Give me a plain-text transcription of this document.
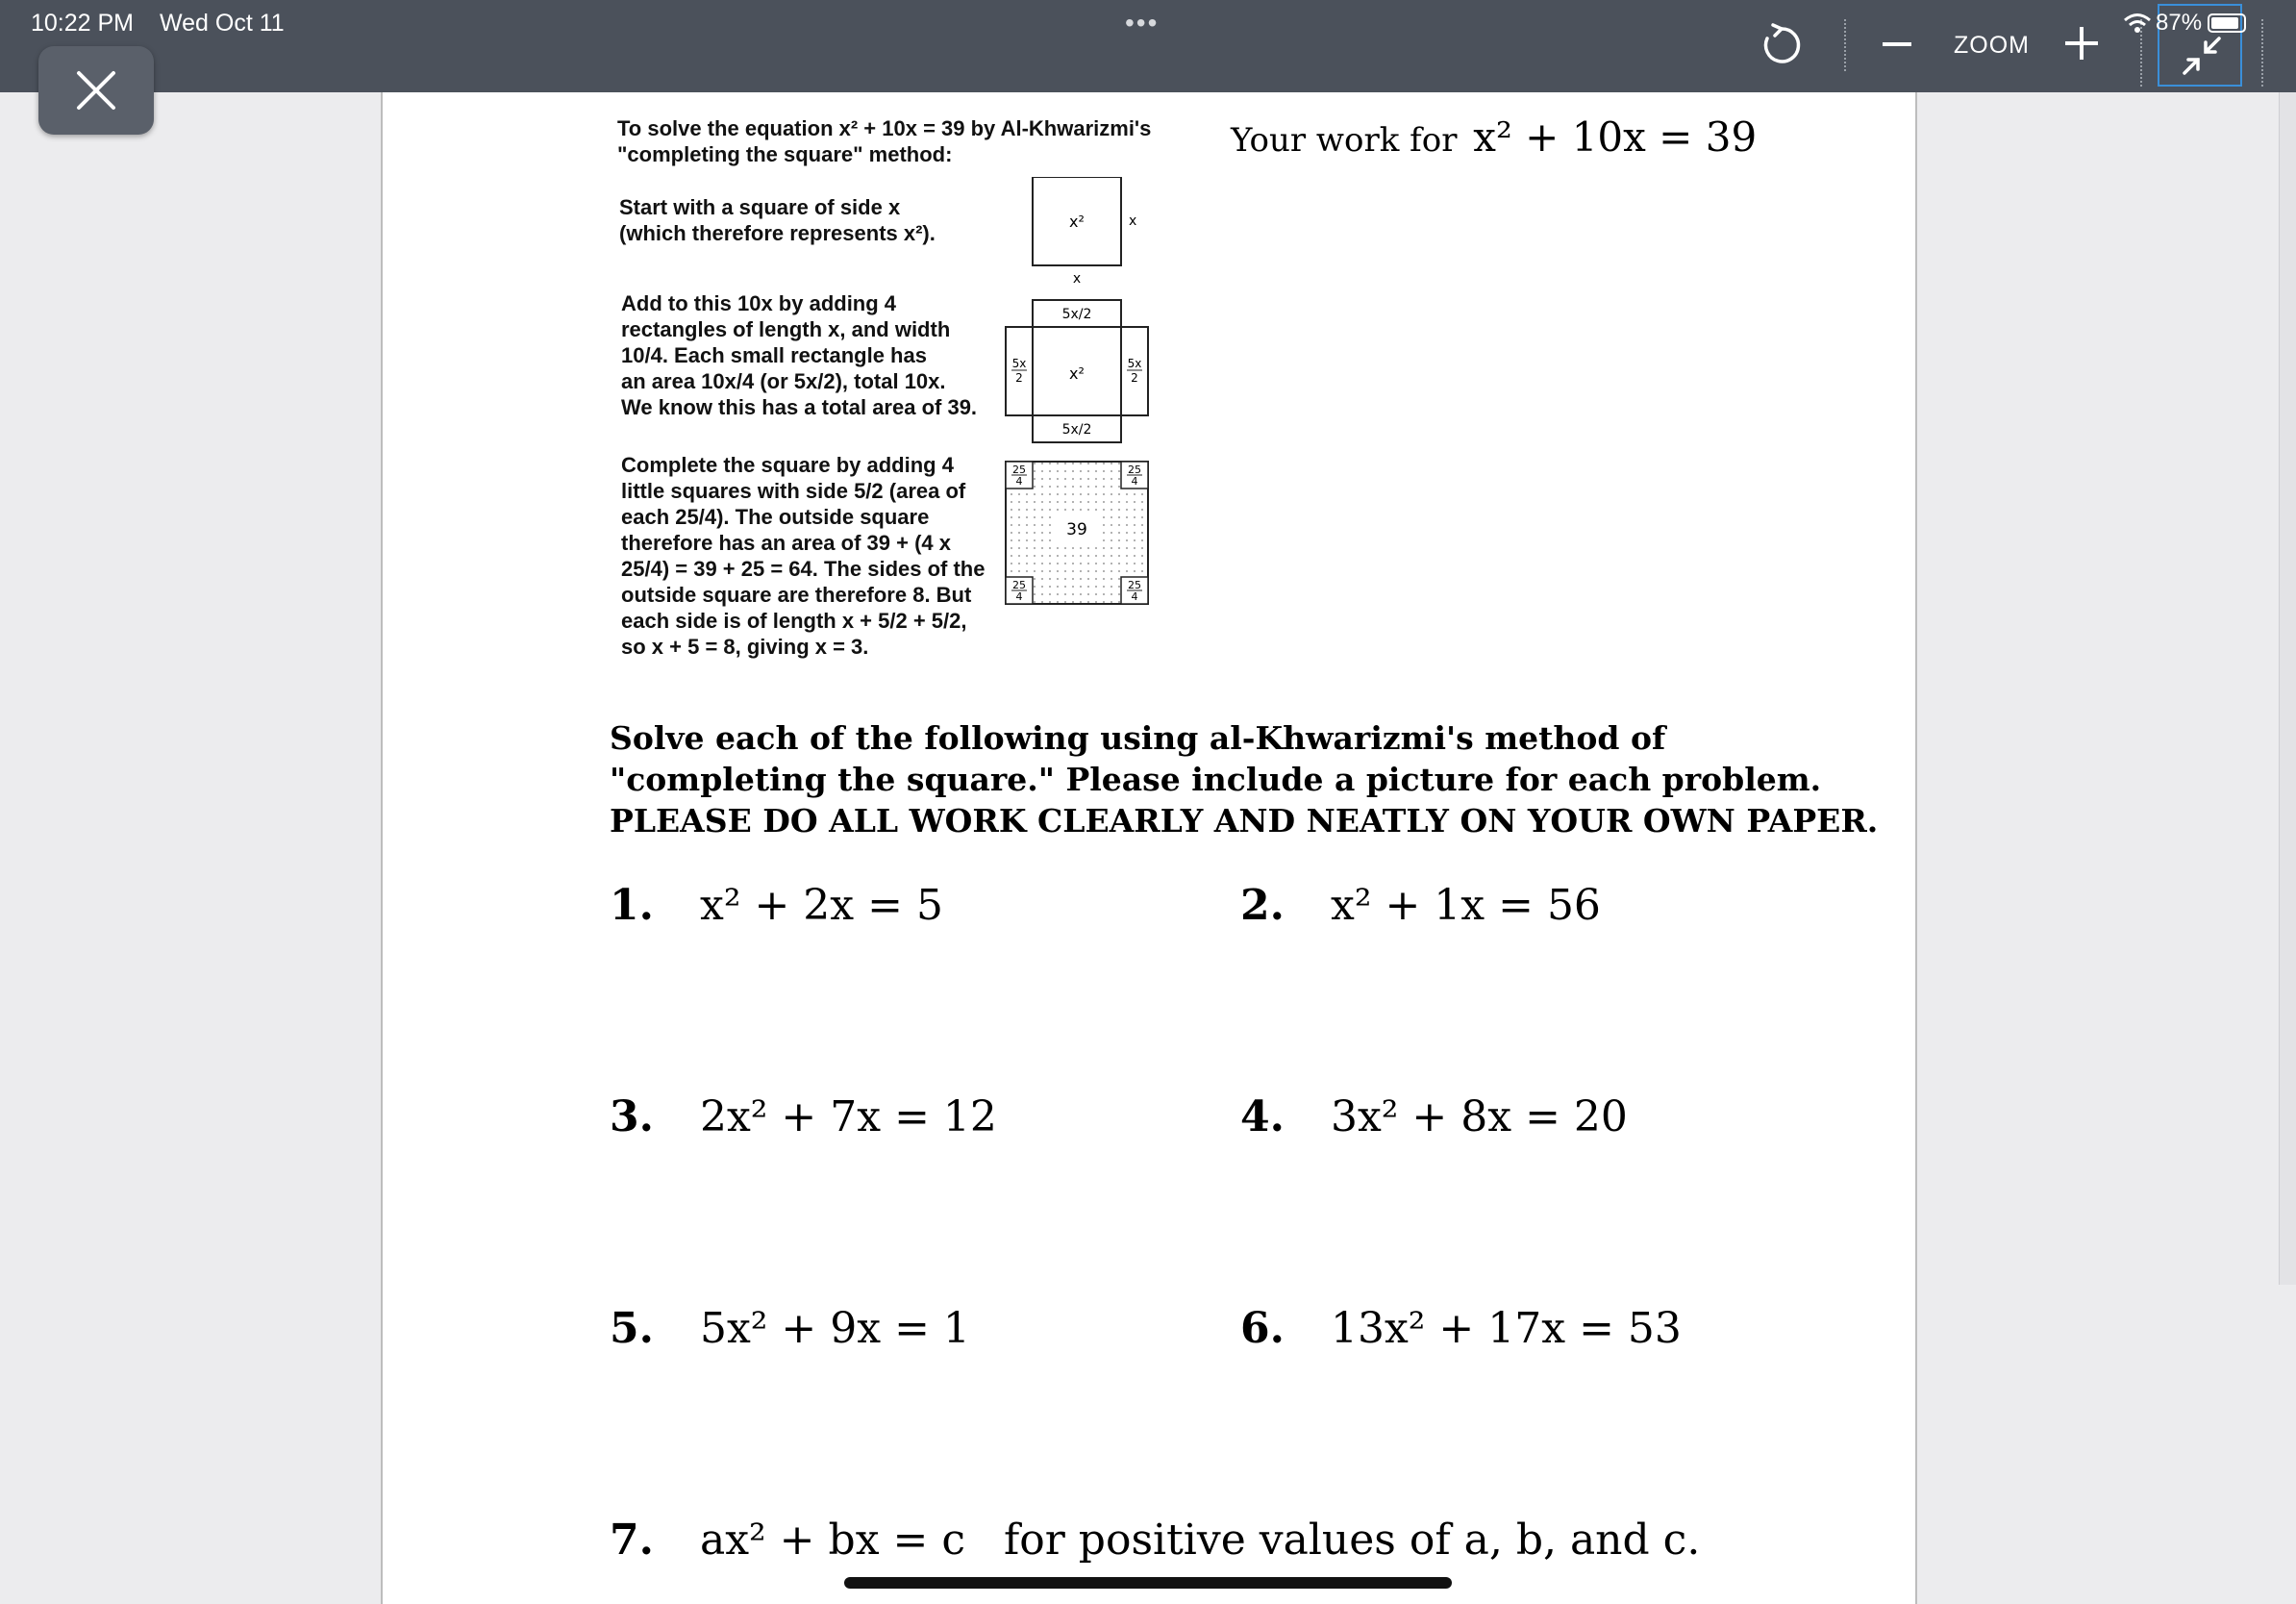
10:22 PM Wed Oct 11	•••
ZOOM
87%
To solve the equation x² + 10x = 39 by Al-Khwarizmi's
"completing the square" method:
Start with a square of side x
(which therefore represents x²).
Add to this 10x by adding 4
rectangles of length x, and width
10/4. Each small rectangle has
an area 10x/4 (or 5x/2), total 10x.
We know this has a total area of 39.
Complete the square by adding 4
little squares with side 5/2 (area of
each 25/4). The outside square
therefore has an area of 39 + (4 x
25/4) = 39 + 25 = 64. The sides of the
outside square are therefore 8. But
each side is of length x + 5/2 + 5/2,
so x + 5 = 8, giving x = 3.
x²	x
x
5x/2
5x
2	x²
5x
2
5x/2
25
4
25
4
25
4
25
4
39
Your work for x² + 10x = 39
Solve each of the following using al-Khwarizmi's method of
"completing the square." Please include a picture for each problem.
PLEASE DO ALL WORK CLEARLY AND NEATLY ON YOUR OWN PAPER.
1. x² + 2x = 5	2. x² + 1x = 56
3. 2x² + 7x = 12	4. 3x² + 8x = 20
5. 5x² + 9x = 1	6. 13x² + 17x = 53
7. ax² + bx = c for positive values of a, b, and c.
